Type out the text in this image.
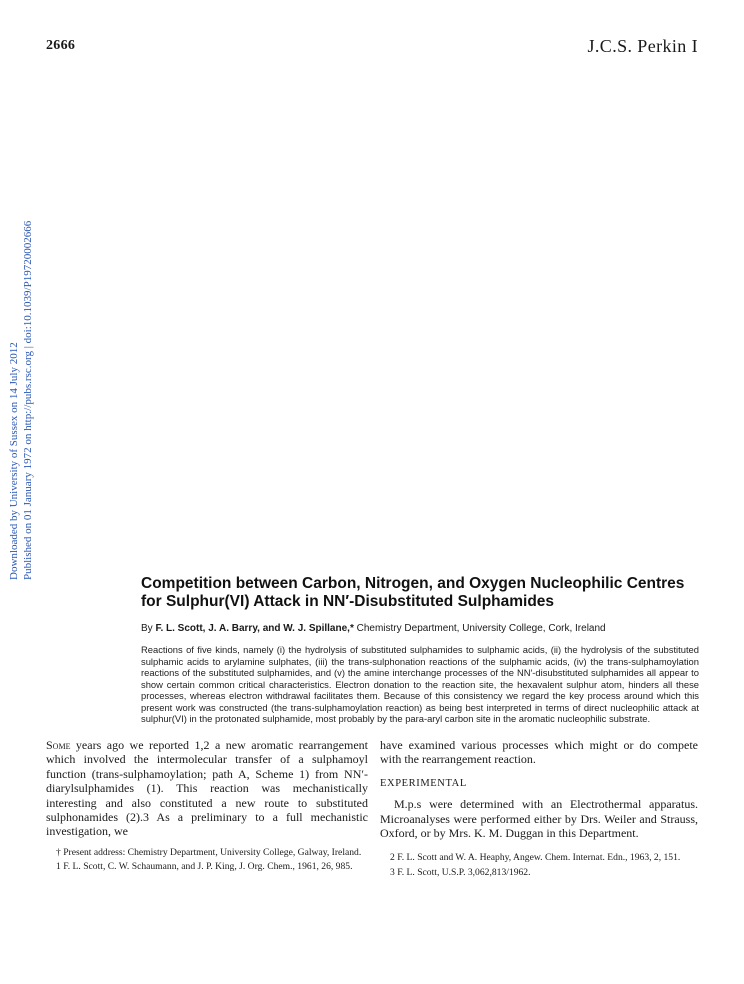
2666	J.C.S. Perkin I
Downloaded by University of Sussex on 14 July 2012 Published on 01 January 1972 on http://pubs.rsc.org | doi:10.1039/P19720002666
Competition between Carbon, Nitrogen, and Oxygen Nucleophilic Centres
for Sulphur(VI) Attack in NN′-Disubstituted Sulphamides
By F. L. Scott, J. A. Barry, and W. J. Spillane,* Chemistry Department, University College, Cork, Ireland
Reactions of five kinds, namely (i) the hydrolysis of substituted sulphamides to sulphamic acids, (ii) the hydrolysis of the substituted sulphamic acids to arylamine sulphates, (iii) the trans-sulphonation reactions of the sulphamic acids, (iv) the trans-sulphamoylation reactions of the substituted sulphamides, and (v) the amine interchange processes of the NN′-disubstituted sulphamides all appear to show certain common critical characteristics. Electron donation to the reaction site, the hexavalent sulphur atom, hinders all these processes, whereas electron withdrawal facilitates them. Because of this consistency we regard the key process around which this present work was constructed (the trans-sulphamoylation reaction) as being best interpreted in terms of direct nucleophilic attack at sulphur(VI) in the protonated sulphamide, most probably by the para-aryl carbon site in the aromatic nucleophilic substrate.

Some years ago we reported 1,2 a new aromatic rearrangement which involved the intermolecular transfer of a sulphamoyl function (trans-sulphamoylation; path A, Scheme 1) from NN′-diarylsulphamides (1). This reaction was mechanistically interesting and also constituted a new route to substituted sulphonamides (2).3 As a preliminary to a full mechanistic investigation, we

† Present address: Chemistry Department, University College, Galway, Ireland.

1 F. L. Scott, C. W. Schaumann, and J. P. King, J. Org. Chem., 1961, 26, 985.

have examined various processes which might or do compete with the rearrangement reaction.

EXPERIMENTAL

M.p.s were determined with an Electrothermal apparatus. Microanalyses were performed either by Drs. Weiler and Strauss, Oxford, or by Mrs. K. M. Duggan in this Department.

2 F. L. Scott and W. A. Heaphy, Angew. Chem. Internat. Edn., 1963, 2, 151.

3 F. L. Scott, U.S.P. 3,062,813/1962.
